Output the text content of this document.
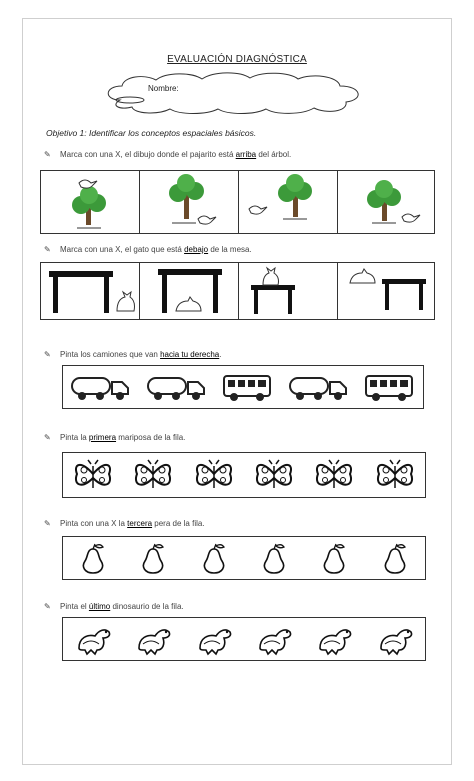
EVALUACIÓN DIAGNÓSTICA
Nombre:
Objetivo 1: Identificar los conceptos espaciales básicos.
✎ Marca con una X, el dibujo donde el pajarito está arriba del árbol.
✎ Marca con una X, el gato que está debajo de la mesa.
✎ Pinta los camiones que van hacia tu derecha.
✎ Pinta la primera mariposa de la fila.
✎ Pinta con una X la tercera pera de la fila.
✎ Pinta el último dinosaurio de la fila.
